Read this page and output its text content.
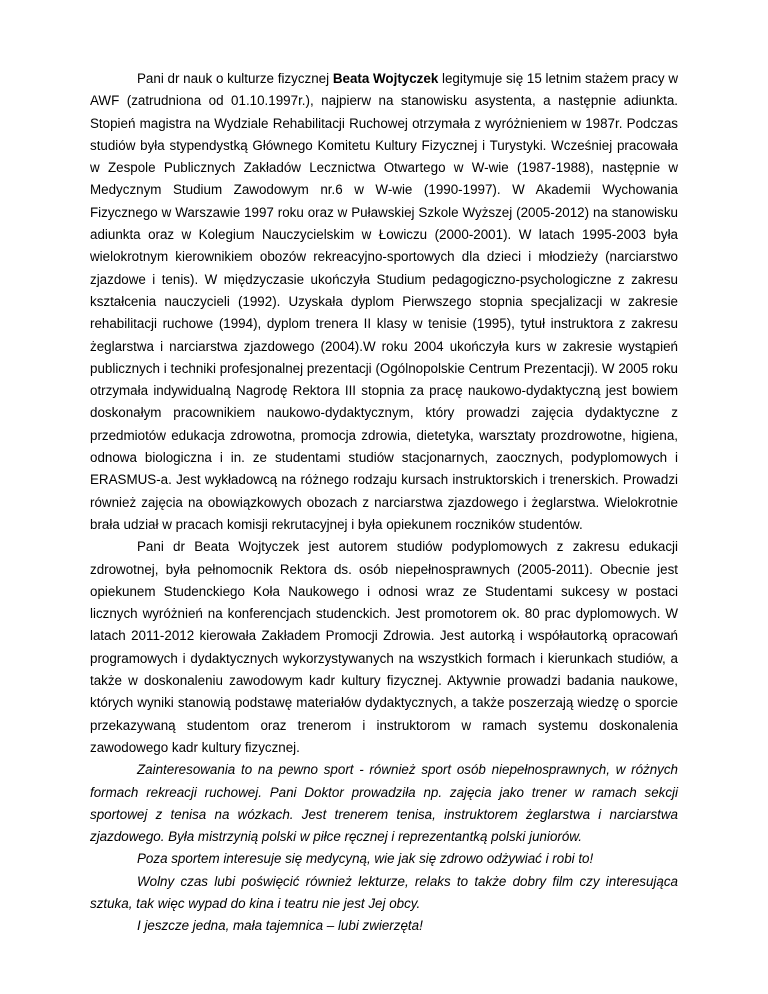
Pani dr nauk o kulturze fizycznej Beata Wojtyczek legitymuje się 15 letnim stażem pracy w AWF (zatrudniona od 01.10.1997r.), najpierw na stanowisku asystenta, a następnie adiunkta. Stopień magistra na Wydziale Rehabilitacji Ruchowej otrzymała z wyróżnieniem w 1987r. Podczas studiów była stypendystką Głównego Komitetu Kultury Fizycznej i Turystyki. Wcześniej pracowała w Zespole Publicznych Zakładów Lecznictwa Otwartego w W-wie (1987-1988), następnie w Medycznym Studium Zawodowym nr.6 w W-wie (1990-1997). W Akademii Wychowania Fizycznego w Warszawie 1997 roku oraz w Puławskiej Szkole Wyższej (2005-2012) na stanowisku adiunkta oraz w Kolegium Nauczycielskim w Łowiczu (2000-2001). W latach 1995-2003 była wielokrotnym kierownikiem obozów rekreacyjno-sportowych dla dzieci i młodzieży (narciarstwo zjazdowe i tenis). W międzyczasie ukończyła Studium pedagogiczno-psychologiczne z zakresu kształcenia nauczycieli (1992). Uzyskała dyplom Pierwszego stopnia specjalizacji w zakresie rehabilitacji ruchowe (1994), dyplom trenera II klasy w tenisie (1995), tytuł instruktora z zakresu żeglarstwa i narciarstwa zjazdowego (2004).W roku 2004 ukończyła kurs w zakresie wystąpień publicznych i techniki profesjonalnej prezentacji (Ogólnopolskie Centrum Prezentacji). W 2005 roku otrzymała indywidualną Nagrodę Rektora III stopnia za pracę naukowo-dydaktyczną jest bowiem doskonałym pracownikiem naukowo-dydaktycznym, który prowadzi zajęcia dydaktyczne z przedmiotów edukacja zdrowotna, promocja zdrowia, dietetyka, warsztaty prozdrowotne, higiena, odnowa biologiczna i in. ze studentami studiów stacjonarnych, zaocznych, podyplomowych i ERASMUS-a. Jest wykładowcą na różnego rodzaju kursach instruktorskich i trenerskich. Prowadzi również zajęcia na obowiązkowych obozach z narciarstwa zjazdowego i żeglarstwa. Wielokrotnie brała udział w pracach komisji rekrutacyjnej i była opiekunem roczników studentów.

Pani dr Beata Wojtyczek jest autorem studiów podyplomowych z zakresu edukacji zdrowotnej, była pełnomocnik Rektora ds. osób niepełnosprawnych (2005-2011). Obecnie jest opiekunem Studenckiego Koła Naukowego i odnosi wraz ze Studentami sukcesy w postaci licznych wyróżnień na konferencjach studenckich. Jest promotorem ok. 80 prac dyplomowych. W latach 2011-2012 kierowała Zakładem Promocji Zdrowia. Jest autorką i współautorką opracowań programowych i dydaktycznych wykorzystywanych na wszystkich formach i kierunkach studiów, a także w doskonaleniu zawodowym kadr kultury fizycznej. Aktywnie prowadzi badania naukowe, których wyniki stanowią podstawę materiałów dydaktycznych, a także poszerzają wiedzę o sporcie przekazywaną studentom oraz trenerom i instruktorom w ramach systemu doskonalenia zawodowego kadr kultury fizycznej.

Zainteresowania to na pewno sport - również sport osób niepełnosprawnych, w różnych formach rekreacji ruchowej. Pani Doktor prowadziła np. zajęcia jako trener w ramach sekcji sportowej z tenisa na wózkach. Jest trenerem tenisa, instruktorem żeglarstwa i narciarstwa zjazdowego. Była mistrzynią polski w piłce ręcznej i reprezentantką polski juniorów.

Poza sportem interesuje się medycyną, wie jak się zdrowo odżywiać i robi to!

Wolny czas lubi poświęcić również lekturze, relaks to także dobry film czy interesująca sztuka, tak więc wypad do kina i teatru nie jest Jej obcy.

I jeszcze jedna, mała tajemnica – lubi zwierzęta!
